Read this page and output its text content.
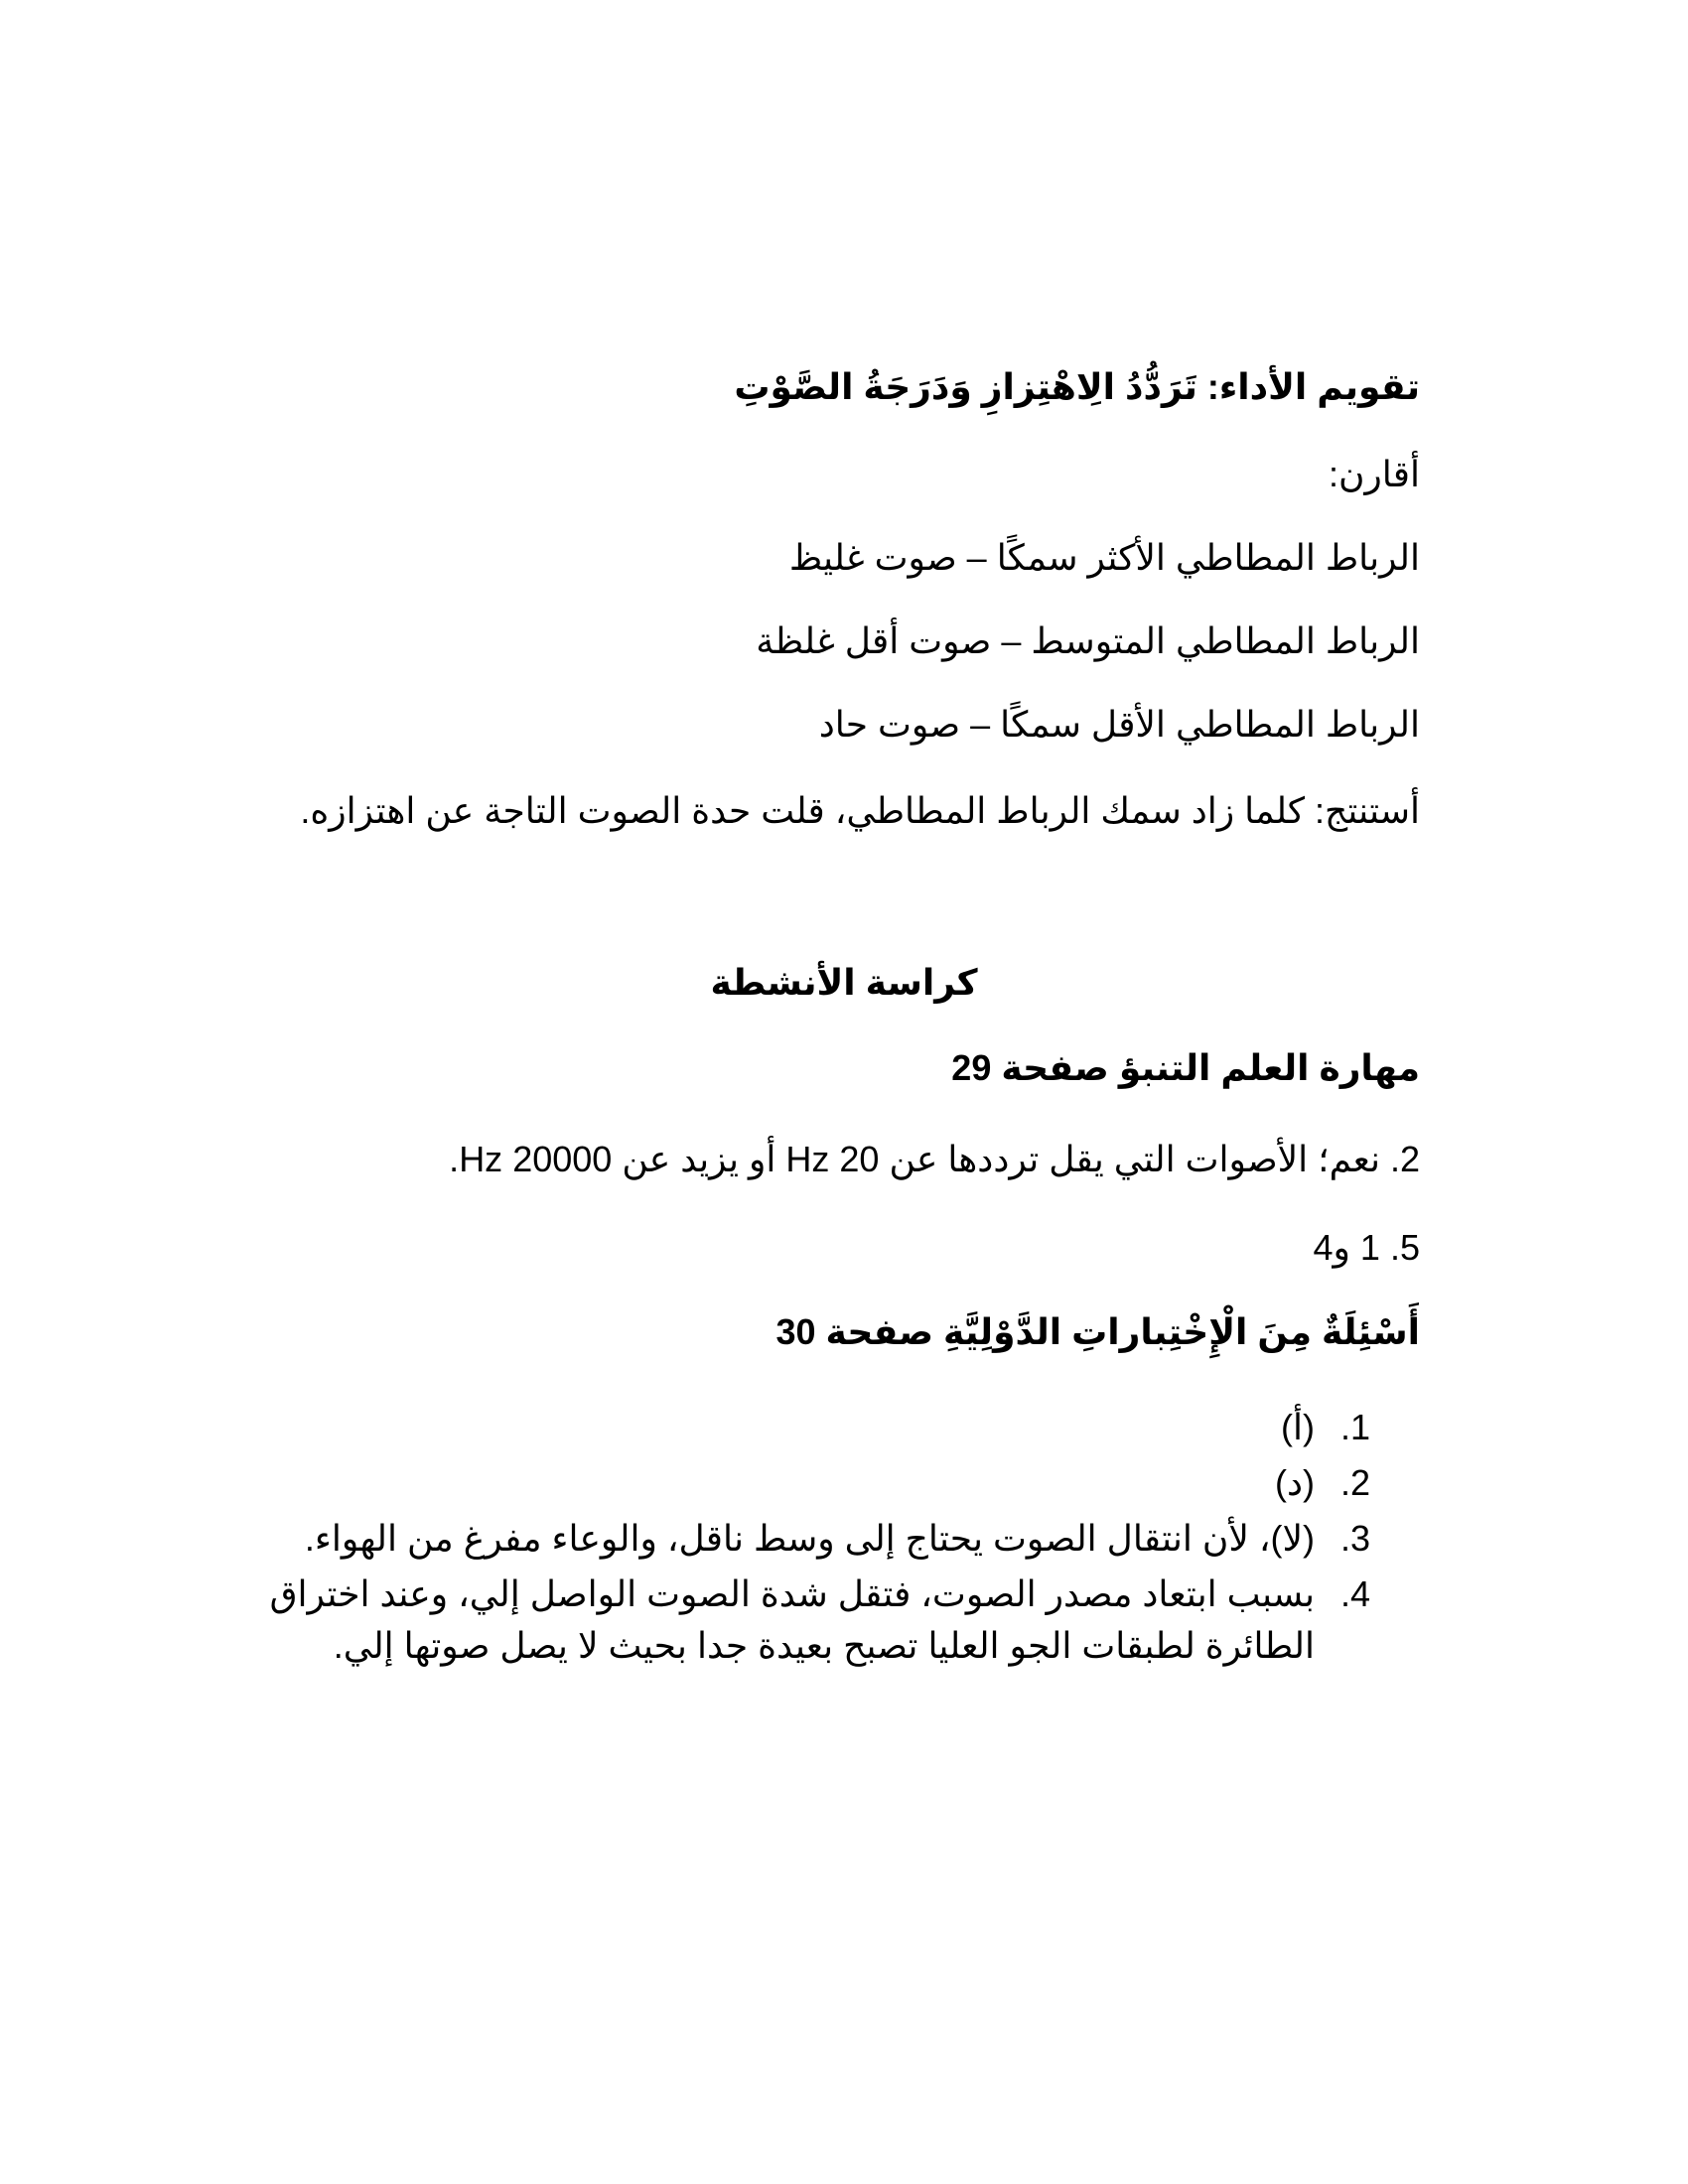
تقويم الأداء: تَرَدُّدُ الِاهْتِزازِ وَدَرَجَةُ الصَّوْتِ
أقارن:
الرباط المطاطي الأكثر سمكًا – صوت غليظ
الرباط المطاطي المتوسط – صوت أقل غلظة
الرباط المطاطي الأقل سمكًا – صوت حاد
أستنتج: كلما زاد سمك الرباط المطاطي، قلت حدة الصوت التاجة عن اهتزازه.
كراسة الأنشطة
مهارة العلم التنبؤ صفحة 29
2. نعم؛ الأصوات التي يقل ترددها عن 20 Hz أو يزيد عن 20000 Hz.
5. 1 و4
أَسْئِلَةٌ مِنَ الْإِخْتِباراتِ الدَّوْلِيَّةِ صفحة 30
1.(أ)
2.(د)
3.(لا)، لأن انتقال الصوت يحتاج إلى وسط ناقل، والوعاء مفرغ من الهواء.
4.بسبب ابتعاد مصدر الصوت، فتقل شدة الصوت الواصل إلي، وعند اختراق الطائرة لطبقات الجو العليا تصبح بعيدة جدا بحيث لا يصل صوتها إلي.
